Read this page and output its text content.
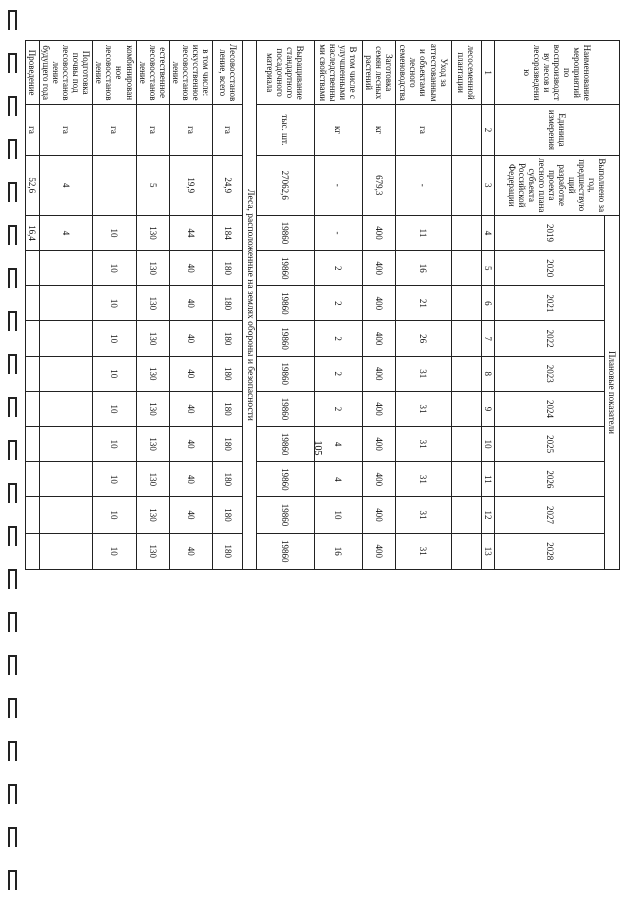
Наименование мероприятий по воспроизводству лесов и лесоразведению	Единица измерения	Выполнено за год, предшествующий разработке проекта лесного плана субъекта Российской Федерации	Плановые показатели									
			2019	2020	2021	2022	2023	2024	2025	2026	2027	2028
1	2	3	4	5	6	7	8	9	10	11	12	13
лесосеменной плантации												
Уход за аттестованными объектами лесного семеноводства	га	-	11	16	21	26	31	31	31	31	31	31
Заготовка семян лесных растений	кг	679,3	400	400	400	400	400	400	400	400	400	400
В том числе с улучшенными наследственными свойствами	кг	-	-	2	2	2	2	2	4	4	10	16
Выращивание стандартного посадочного материала	тыс. шт.	27062,6	19860	19860	19860	19860	19860	19860	19860	19860	19860	19860
Леса, расположенные на землях обороны и безопасности												
Лесовосстановление, всего	га	24,9	184	180	180	180	180	180	180	180	180	180
в том числе: искусственное лесовосстановление	га	19,9	44	40	40	40	40	40	40	40	40	40
естественное лесовосстановление	га	5	130	130	130	130	130	130	130	130	130	130
комбинированное лесовосстановление	га		10	10	10	10	10	10	10	10	10	10
Подготовка почвы под лесовосстановление будущего года	га	4	4									
Проведение	га	52,6	16,4									
105
